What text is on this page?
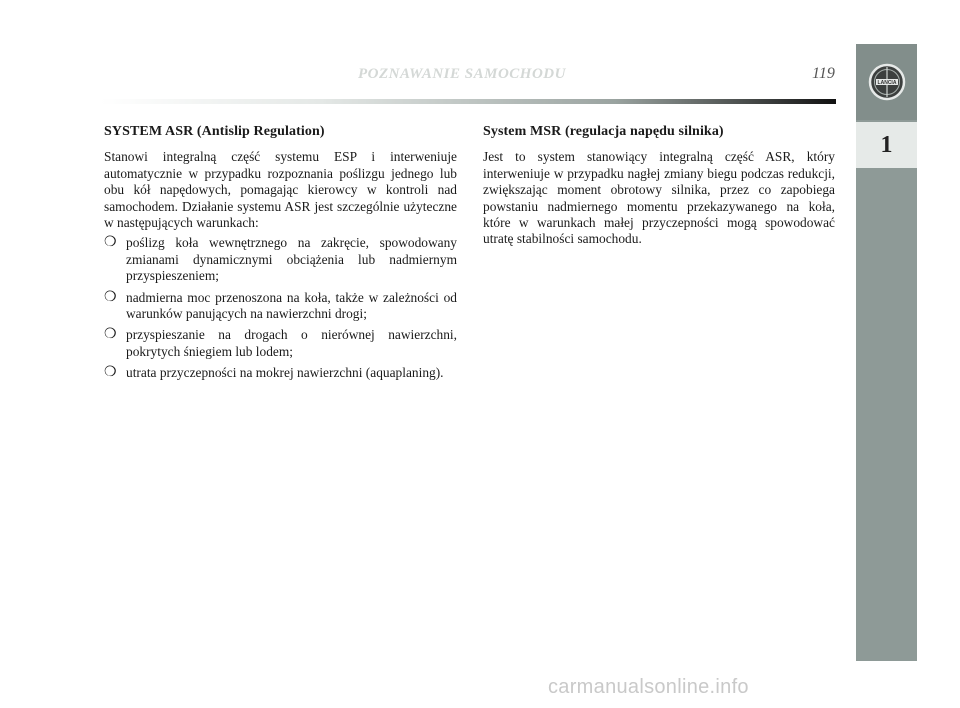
POZNAWANIE SAMOCHODU	119
LANCIA
1
SYSTEM ASR (Antislip Regulation)

Stanowi integralną część systemu ESP i interweniuje automatycznie w przypadku rozpoznania poślizgu jednego lub obu kół napędowych, pomagając kierowcy w kontroli nad samochodem. Działanie systemu ASR jest szczególnie użyteczne w następujących warunkach:

❍ poślizg koła wewnętrznego na zakręcie, spowodowany zmianami dynamicznymi obciążenia lub nadmiernym przyspieszeniem;
❍ nadmierna moc przenoszona na koła, także w zależności od warunków panujących na nawierzchni drogi;
❍ przyspieszanie na drogach o nierównej nawierzchni, pokrytych śniegiem lub lodem;
❍ utrata przyczepności na mokrej nawierzchni (aquaplaning).
System MSR (regulacja napędu silnika)

Jest to system stanowiący integralną część ASR, który interweniuje w przypadku nagłej zmiany biegu podczas redukcji, zwiększając moment obrotowy silnika, przez co zapobiega powstaniu nadmiernego momentu przekazywanego na koła, które w warunkach małej przyczepności mogą spowodować utratę stabilności samochodu.

carmanualsonline.info
